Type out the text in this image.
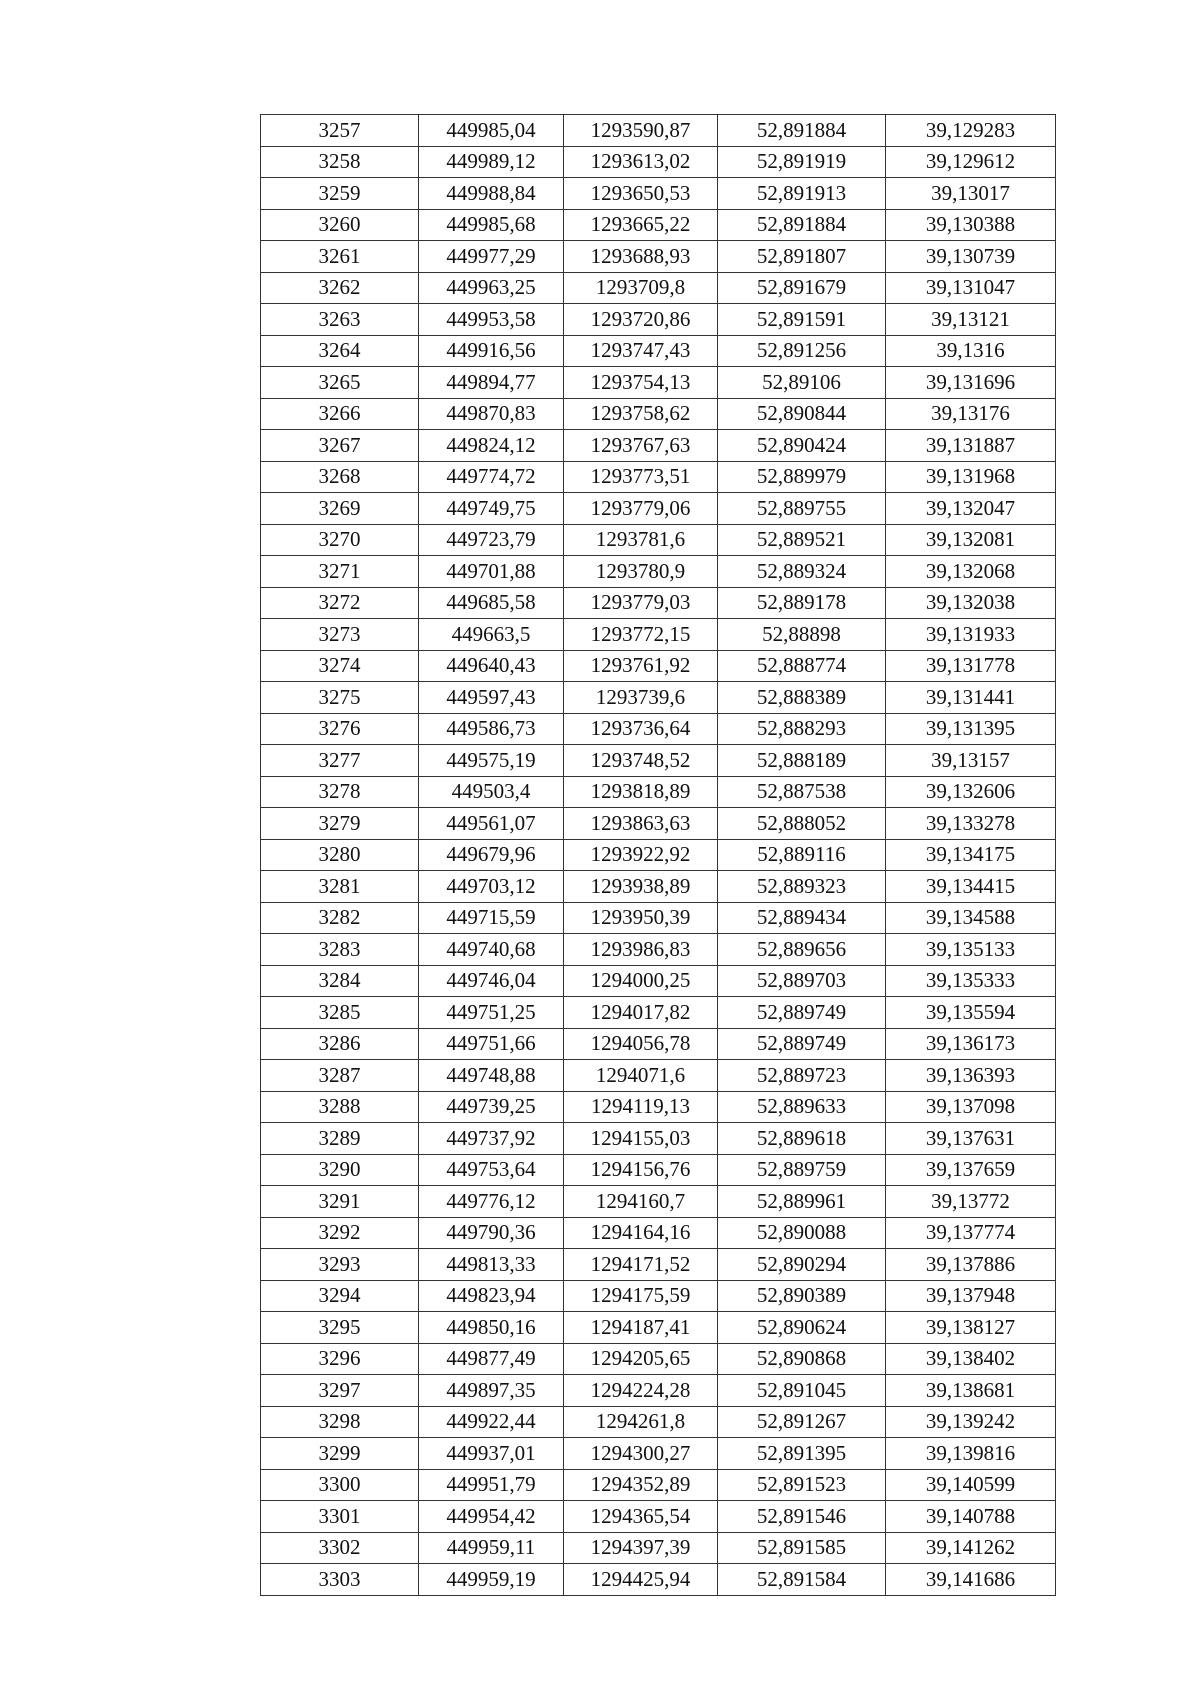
3257	449985,04	1293590,87	52,891884	39,129283
3258	449989,12	1293613,02	52,891919	39,129612
3259	449988,84	1293650,53	52,891913	39,13017
3260	449985,68	1293665,22	52,891884	39,130388
3261	449977,29	1293688,93	52,891807	39,130739
3262	449963,25	1293709,8	52,891679	39,131047
3263	449953,58	1293720,86	52,891591	39,13121
3264	449916,56	1293747,43	52,891256	39,1316
3265	449894,77	1293754,13	52,89106	39,131696
3266	449870,83	1293758,62	52,890844	39,13176
3267	449824,12	1293767,63	52,890424	39,131887
3268	449774,72	1293773,51	52,889979	39,131968
3269	449749,75	1293779,06	52,889755	39,132047
3270	449723,79	1293781,6	52,889521	39,132081
3271	449701,88	1293780,9	52,889324	39,132068
3272	449685,58	1293779,03	52,889178	39,132038
3273	449663,5	1293772,15	52,88898	39,131933
3274	449640,43	1293761,92	52,888774	39,131778
3275	449597,43	1293739,6	52,888389	39,131441
3276	449586,73	1293736,64	52,888293	39,131395
3277	449575,19	1293748,52	52,888189	39,13157
3278	449503,4	1293818,89	52,887538	39,132606
3279	449561,07	1293863,63	52,888052	39,133278
3280	449679,96	1293922,92	52,889116	39,134175
3281	449703,12	1293938,89	52,889323	39,134415
3282	449715,59	1293950,39	52,889434	39,134588
3283	449740,68	1293986,83	52,889656	39,135133
3284	449746,04	1294000,25	52,889703	39,135333
3285	449751,25	1294017,82	52,889749	39,135594
3286	449751,66	1294056,78	52,889749	39,136173
3287	449748,88	1294071,6	52,889723	39,136393
3288	449739,25	1294119,13	52,889633	39,137098
3289	449737,92	1294155,03	52,889618	39,137631
3290	449753,64	1294156,76	52,889759	39,137659
3291	449776,12	1294160,7	52,889961	39,13772
3292	449790,36	1294164,16	52,890088	39,137774
3293	449813,33	1294171,52	52,890294	39,137886
3294	449823,94	1294175,59	52,890389	39,137948
3295	449850,16	1294187,41	52,890624	39,138127
3296	449877,49	1294205,65	52,890868	39,138402
3297	449897,35	1294224,28	52,891045	39,138681
3298	449922,44	1294261,8	52,891267	39,139242
3299	449937,01	1294300,27	52,891395	39,139816
3300	449951,79	1294352,89	52,891523	39,140599
3301	449954,42	1294365,54	52,891546	39,140788
3302	449959,11	1294397,39	52,891585	39,141262
3303	449959,19	1294425,94	52,891584	39,141686
